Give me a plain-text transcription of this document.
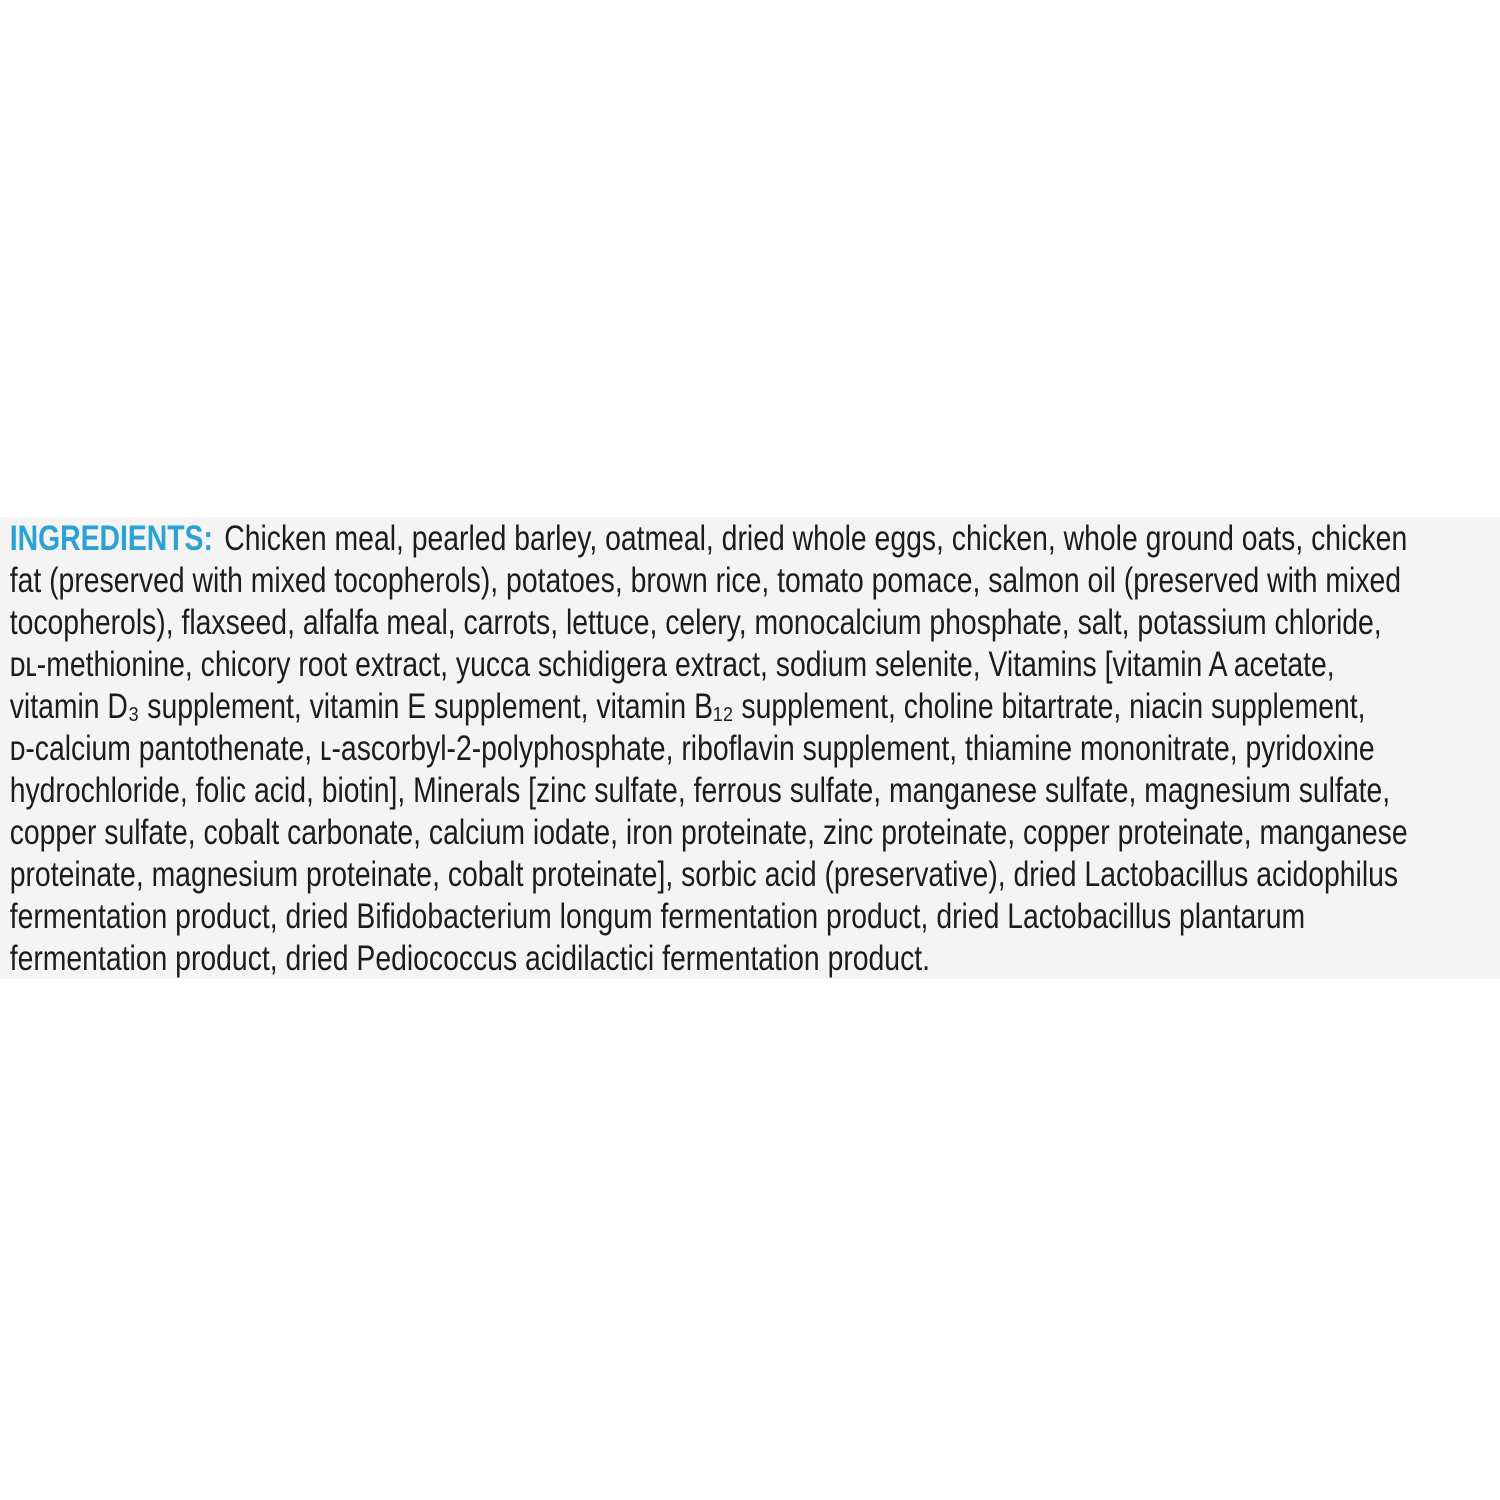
INGREDIENTS: Chicken meal, pearled barley, oatmeal, dried whole eggs, chicken, whole ground oats, chicken

fat (preserved with mixed tocopherols), potatoes, brown rice, tomato pomace, salmon oil (preserved with mixed

tocopherols), flaxseed, alfalfa meal, carrots, lettuce, celery, monocalcium phosphate, salt, potassium chloride,

ᴅʟ-methionine, chicory root extract, yucca schidigera extract, sodium selenite, Vitamins [vitamin A acetate,

vitamin D₃ supplement, vitamin E supplement, vitamin B₁₂ supplement, choline bitartrate, niacin supplement,

ᴅ-calcium pantothenate, ʟ-ascorbyl-2-polyphosphate, riboflavin supplement, thiamine mononitrate, pyridoxine

hydrochloride, folic acid, biotin], Minerals [zinc sulfate, ferrous sulfate, manganese sulfate, magnesium sulfate,

copper sulfate, cobalt carbonate, calcium iodate, iron proteinate, zinc proteinate, copper proteinate, manganese

proteinate, magnesium proteinate, cobalt proteinate], sorbic acid (preservative), dried Lactobacillus acidophilus

fermentation product, dried Bifidobacterium longum fermentation product, dried Lactobacillus plantarum

fermentation product, dried Pediococcus acidilactici fermentation product.
